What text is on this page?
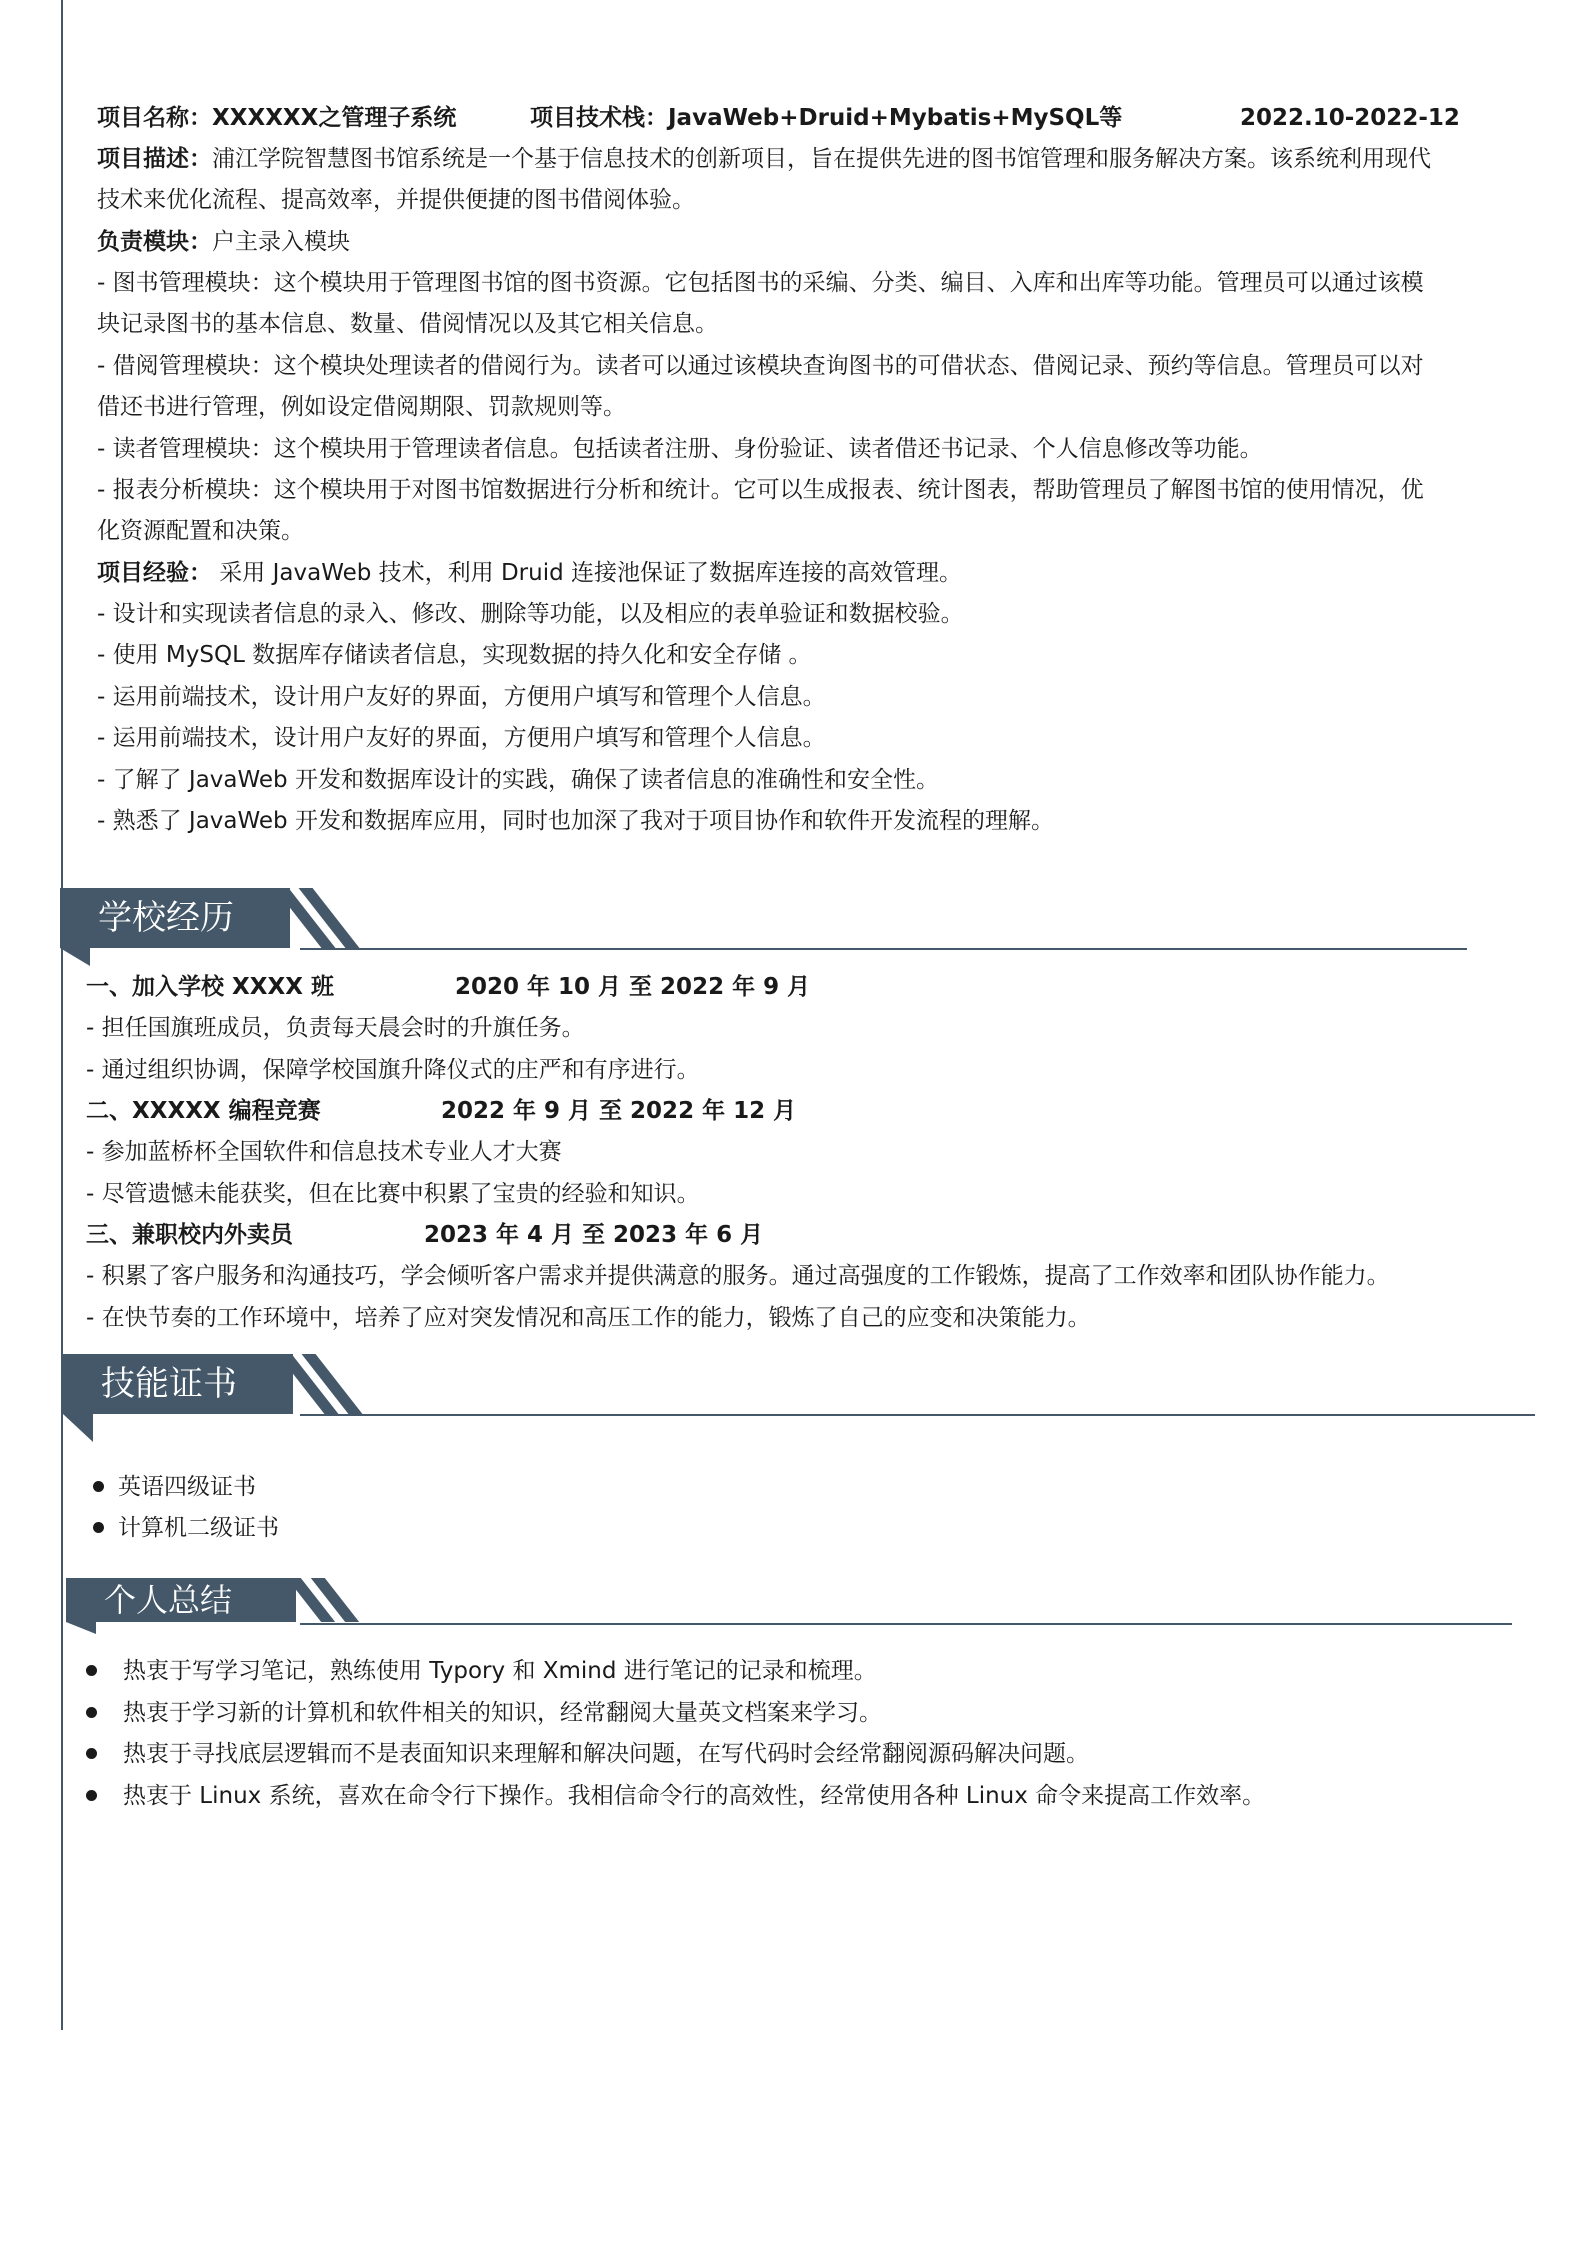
项目名称：XXXXXX之管理子系统	项目技术栈：JavaWeb+Druid+Mybatis+MySQL等	2022.10-2022-12
项目描述：浦江学院智慧图书馆系统是一个基于信息技术的创新项目，旨在提供先进的图书馆管理和服务解决方案。该系统利用现代
技术来优化流程、提高效率，并提供便捷的图书借阅体验。
负责模块：户主录入模块
- 图书管理模块：这个模块用于管理图书馆的图书资源。它包括图书的采编、分类、编目、入库和出库等功能。管理员可以通过该模
块记录图书的基本信息、数量、借阅情况以及其它相关信息。
- 借阅管理模块：这个模块处理读者的借阅行为。读者可以通过该模块查询图书的可借状态、借阅记录、预约等信息。管理员可以对
借还书进行管理，例如设定借阅期限、罚款规则等。
- 读者管理模块：这个模块用于管理读者信息。包括读者注册、身份验证、读者借还书记录、个人信息修改等功能。
- 报表分析模块：这个模块用于对图书馆数据进行分析和统计。它可以生成报表、统计图表，帮助管理员了解图书馆的使用情况，优
化资源配置和决策。
项目经验： 采用 JavaWeb 技术，利用 Druid 连接池保证了数据库连接的高效管理。
- 设计和实现读者信息的录入、修改、删除等功能，以及相应的表单验证和数据校验。
- 使用 MySQL 数据库存储读者信息，实现数据的持久化和安全存储 。
- 运用前端技术，设计用户友好的界面，方便用户填写和管理个人信息。
- 运用前端技术，设计用户友好的界面，方便用户填写和管理个人信息。
- 了解了 JavaWeb 开发和数据库设计的实践，确保了读者信息的准确性和安全性。
- 熟悉了 JavaWeb 开发和数据库应用，同时也加深了我对于项目协作和软件开发流程的理解。
学校经历
一、加入学校 XXXX 班	2020 年 10 月 至 2022 年 9 月
- 担任国旗班成员，负责每天晨会时的升旗任务。
- 通过组织协调，保障学校国旗升降仪式的庄严和有序进行。
二、XXXXX 编程竞赛	2022 年 9 月 至 2022 年 12 月
- 参加蓝桥杯全国软件和信息技术专业人才大赛
- 尽管遗憾未能获奖，但在比赛中积累了宝贵的经验和知识。
三、兼职校内外卖员	2023 年 4 月 至 2023 年 6 月
- 积累了客户服务和沟通技巧，学会倾听客户需求并提供满意的服务。通过高强度的工作锻炼，提高了工作效率和团队协作能力。
- 在快节奏的工作环境中，培养了应对突发情况和高压工作的能力，锻炼了自己的应变和决策能力。
技能证书
英语四级证书
计算机二级证书
个人总结
热衷于写学习笔记，熟练使用 Typory 和 Xmind 进行笔记的记录和梳理。
热衷于学习新的计算机和软件相关的知识，经常翻阅大量英文档案来学习。
热衷于寻找底层逻辑而不是表面知识来理解和解决问题，在写代码时会经常翻阅源码解决问题。
热衷于 Linux 系统，喜欢在命令行下操作。我相信命令行的高效性，经常使用各种 Linux 命令来提高工作效率。
